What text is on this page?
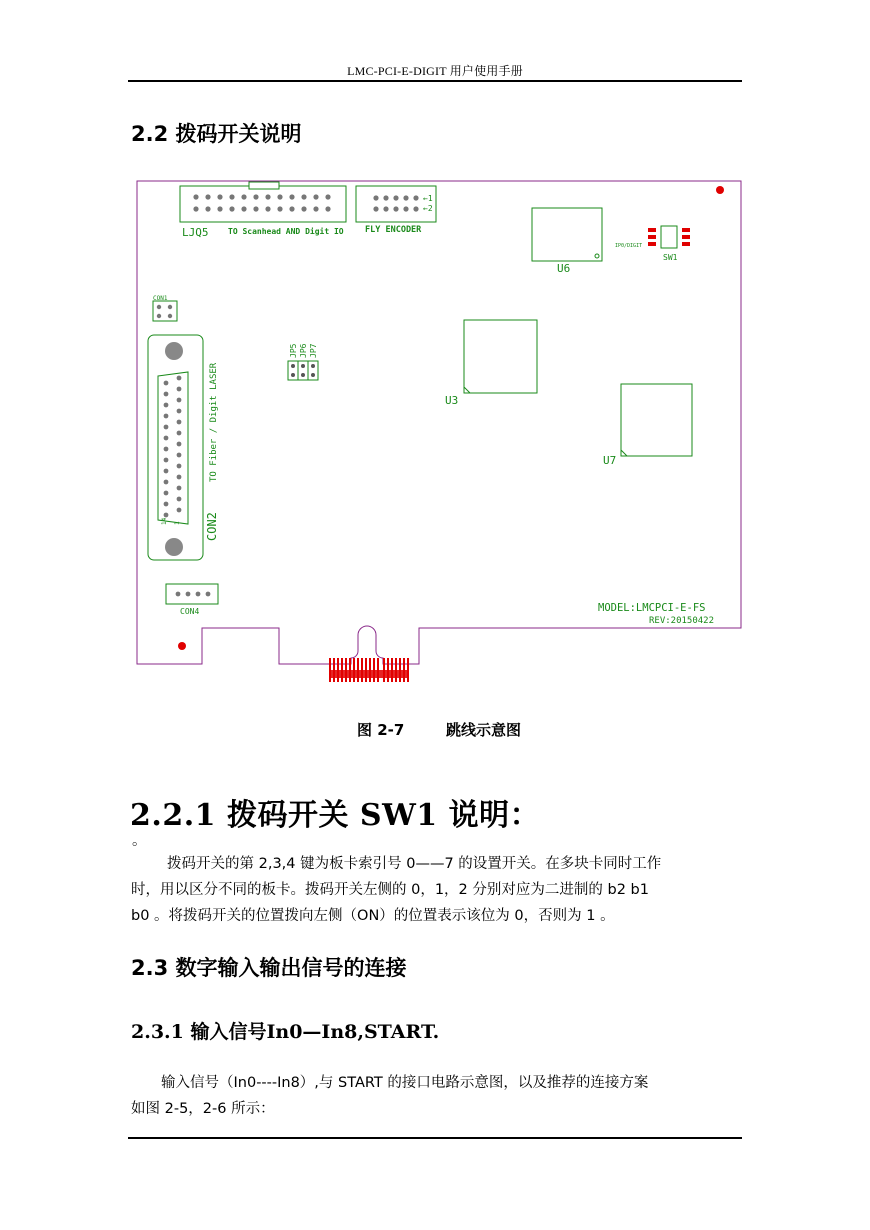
LMC-PCI-E-DIGIT 用户使用手册
2.2 拨码开关说明
LJQ5 TO Scanhead AND Digit IO
←1
←2
FLY ENCODER
U6
IP0/DIGIT
SW1
CON1
JP5 JP6 JP7
U3
U7
14 1
TO Fiber / Digit LASER
CON2
CON4	MODEL:LMCPCI-E-FS
REV:20150422
图 2-7	跳线示意图
2.2.1 拨码开关 SW1 说明：
。
拨码开关的第 2,3,4 键为板卡索引号 0——7 的设置开关。在多块卡同时工作
时，用以区分不同的板卡。拨码开关左侧的 0，1，2 分别对应为二进制的 b2 b1
b0 。将拨码开关的位置拨向左侧（ON）的位置表示该位为 0，否则为 1 。
2.3 数字输入输出信号的连接
2.3.1 输入信号In0—In8,START.
输入信号（In0----In8）,与 START 的接口电路示意图，以及推荐的连接方案
如图 2-5，2-6 所示：
